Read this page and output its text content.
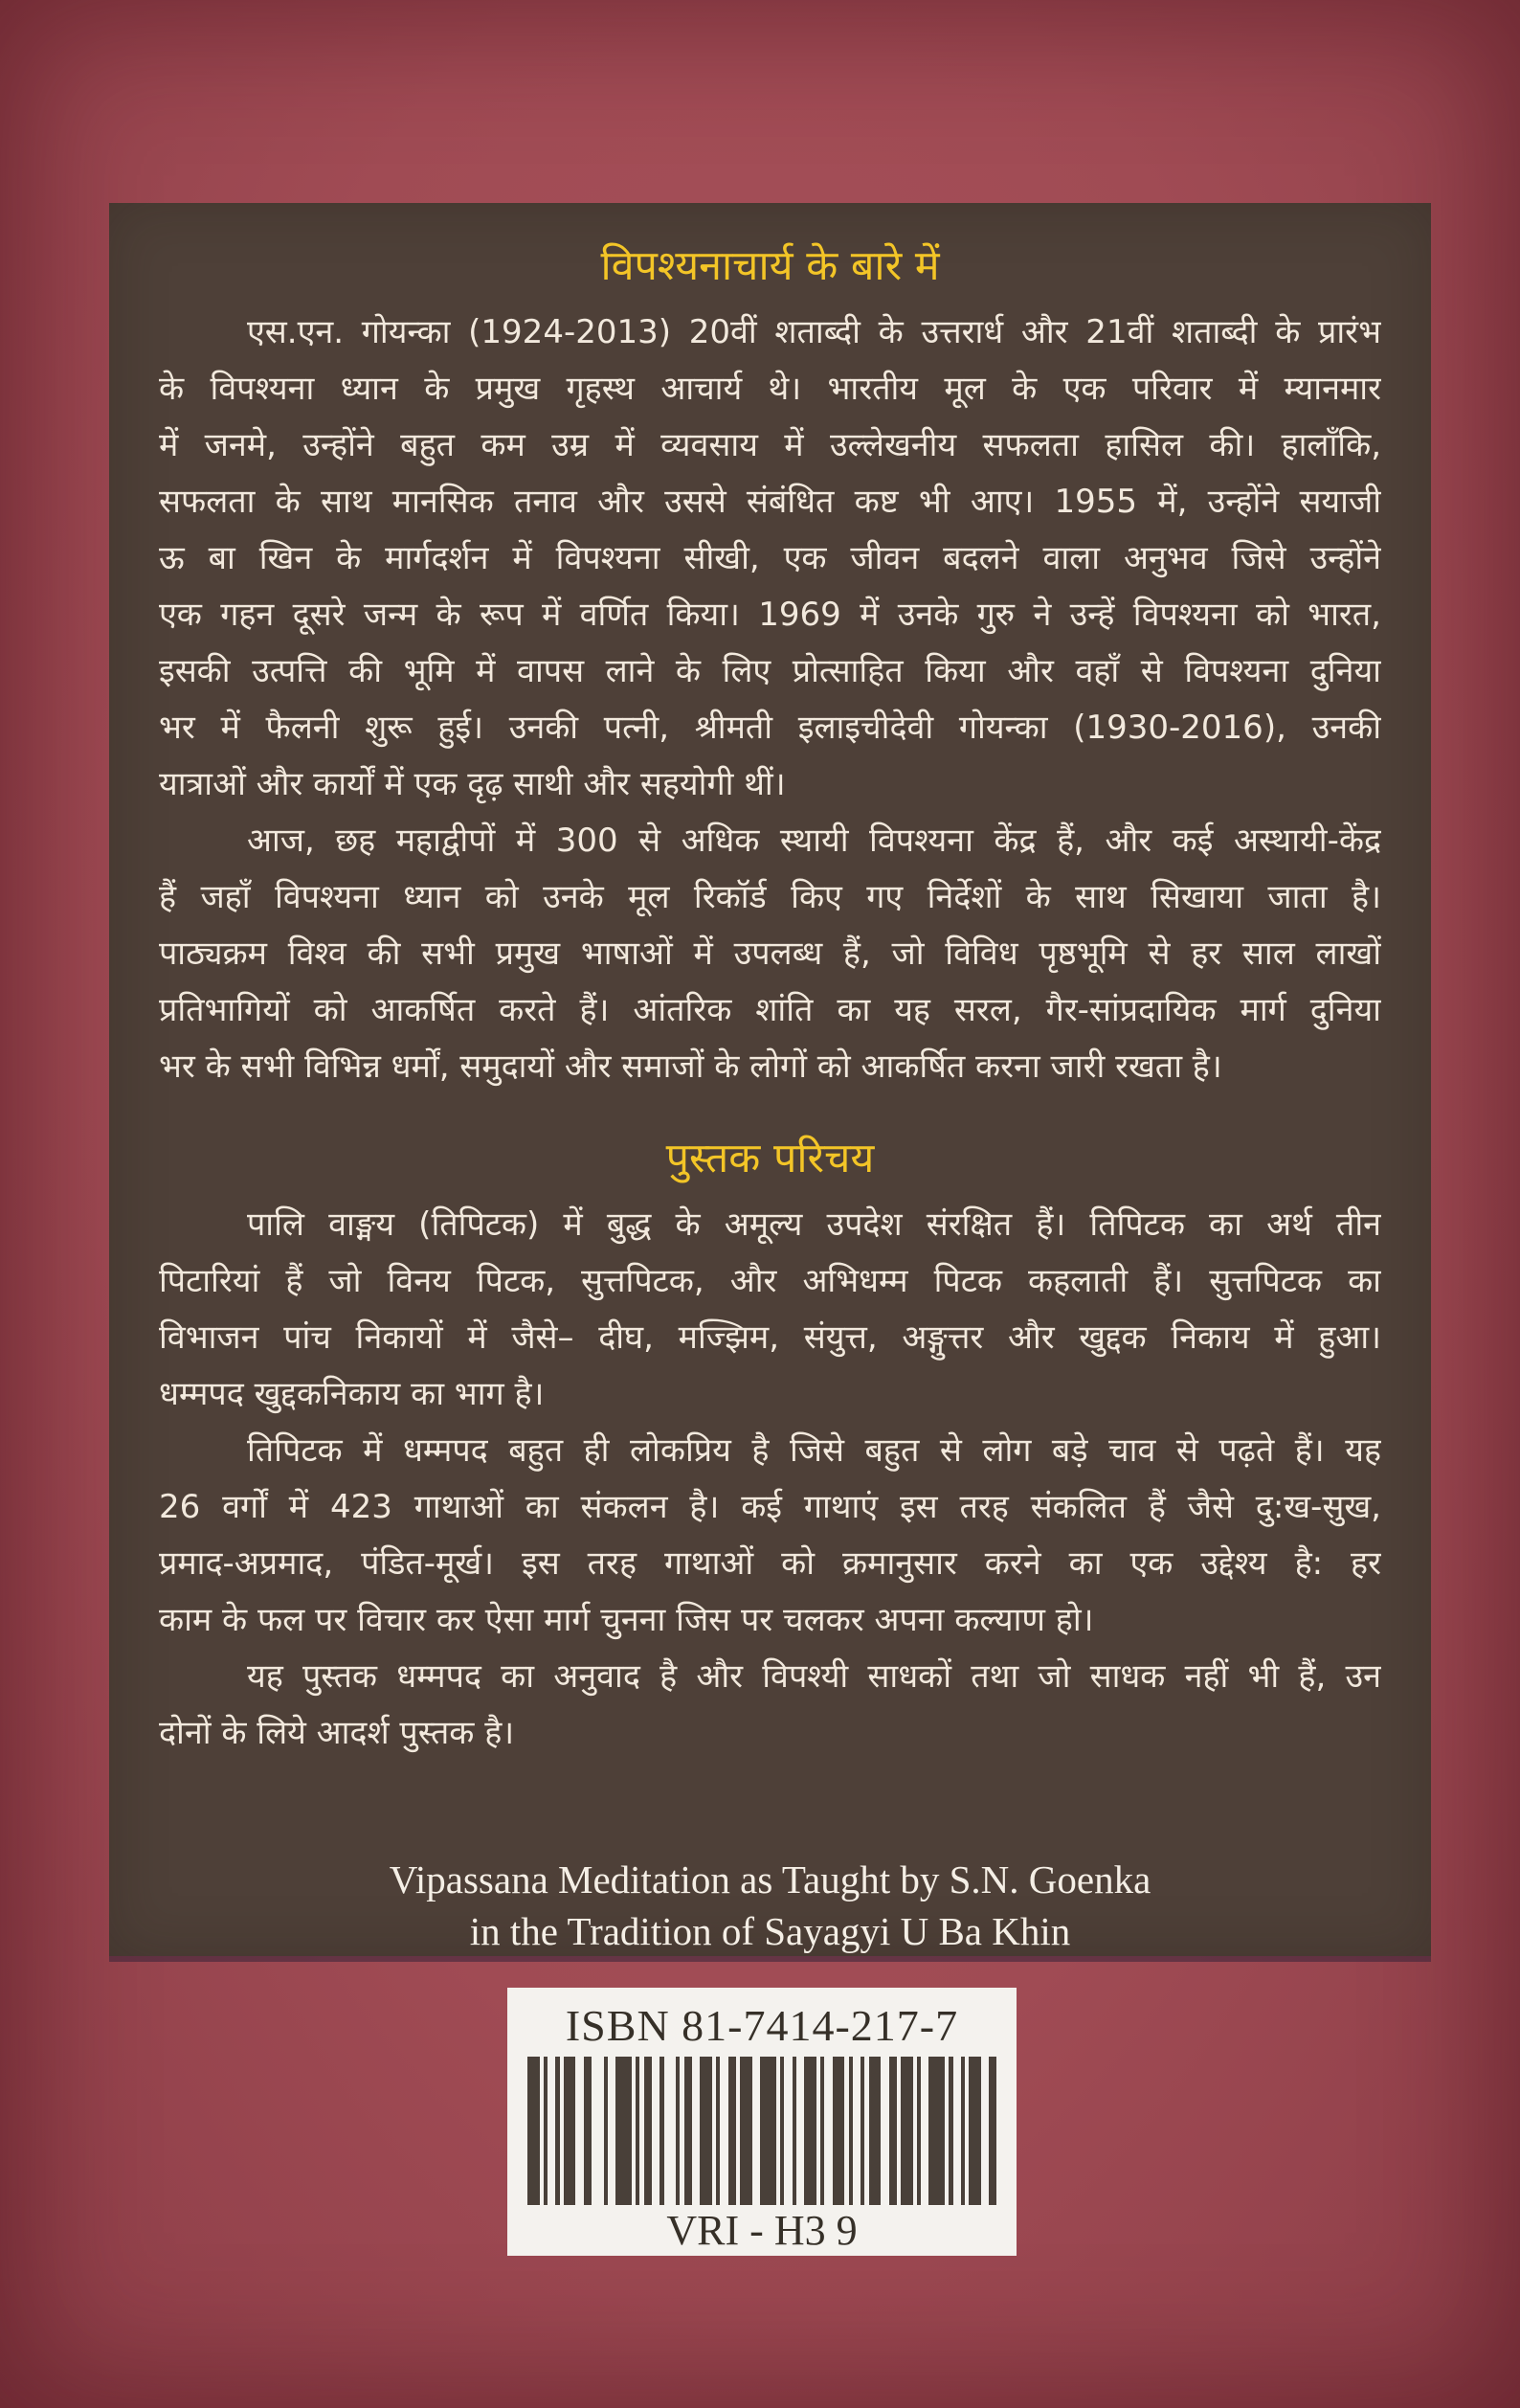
विपश्यनाचार्य के बारे में
एस.एन. गोयन्का (1924-2013) 20वीं शताब्दी के उत्तरार्ध और 21वीं शताब्दी के प्रारंभ
के विपश्यना ध्यान के प्रमुख गृहस्थ आचार्य थे। भारतीय मूल के एक परिवार में म्यानमार
में जनमे, उन्होंने बहुत कम उम्र में व्यवसाय में उल्लेखनीय सफलता हासिल की। हालाँकि,
सफलता के साथ मानसिक तनाव और उससे संबंधित कष्ट भी आए। 1955 में, उन्होंने सयाजी
ऊ बा खिन के मार्गदर्शन में विपश्यना सीखी, एक जीवन बदलने वाला अनुभव जिसे उन्होंने
एक गहन दूसरे जन्म के रूप में वर्णित किया। 1969 में उनके गुरु ने उन्हें विपश्यना को भारत,
इसकी उत्पत्ति की भूमि में वापस लाने के लिए प्रोत्साहित किया और वहाँ से विपश्यना दुनिया
भर में फैलनी शुरू हुई। उनकी पत्नी, श्रीमती इलाइचीदेवी गोयन्का (1930-2016), उनकी
यात्राओं और कार्यों में एक दृढ़ साथी और सहयोगी थीं।
आज, छह महाद्वीपों में 300 से अधिक स्थायी विपश्यना केंद्र हैं, और कई अस्थायी-केंद्र
हैं जहाँ विपश्यना ध्यान को उनके मूल रिकॉर्ड किए गए निर्देशों के साथ सिखाया जाता है।
पाठ्यक्रम विश्व की सभी प्रमुख भाषाओं में उपलब्ध हैं, जो विविध पृष्ठभूमि से हर साल लाखों
प्रतिभागियों को आकर्षित करते हैं। आंतरिक शांति का यह सरल, गैर-सांप्रदायिक मार्ग दुनिया
भर के सभी विभिन्न धर्मों, समुदायों और समाजों के लोगों को आकर्षित करना जारी रखता है।
पुस्तक परिचय
पालि वाङ्मय (तिपिटक) में बुद्ध के अमूल्य उपदेश संरक्षित हैं। तिपिटक का अर्थ तीन
पिटारियां हैं जो विनय पिटक, सुत्तपिटक, और अभिधम्म पिटक कहलाती हैं। सुत्तपिटक का
विभाजन पांच निकायों में जैसे– दीघ, मज्झिम, संयुत्त, अङ्गुत्तर और खुद्दक निकाय में हुआ।
धम्मपद खुद्दकनिकाय का भाग है।
तिपिटक में धम्मपद बहुत ही लोकप्रिय है जिसे बहुत से लोग बड़े चाव से पढ़ते हैं। यह
26 वर्गों में 423 गाथाओं का संकलन है। कई गाथाएं इस तरह संकलित हैं जैसे दु:ख-सुख,
प्रमाद-अप्रमाद, पंडित-मूर्ख। इस तरह गाथाओं को क्रमानुसार करने का एक उद्देश्य है: हर
काम के फल पर विचार कर ऐसा मार्ग चुनना जिस पर चलकर अपना कल्याण हो।
यह पुस्तक धम्मपद का अनुवाद है और विपश्यी साधकों तथा जो साधक नहीं भी हैं, उन
दोनों के लिये आदर्श पुस्तक है।
Vipassana Meditation as Taught by S.N. Goenka
in the Tradition of Sayagyi U Ba Khin
ISBN 81-7414-217-7
VRI - H3 9
